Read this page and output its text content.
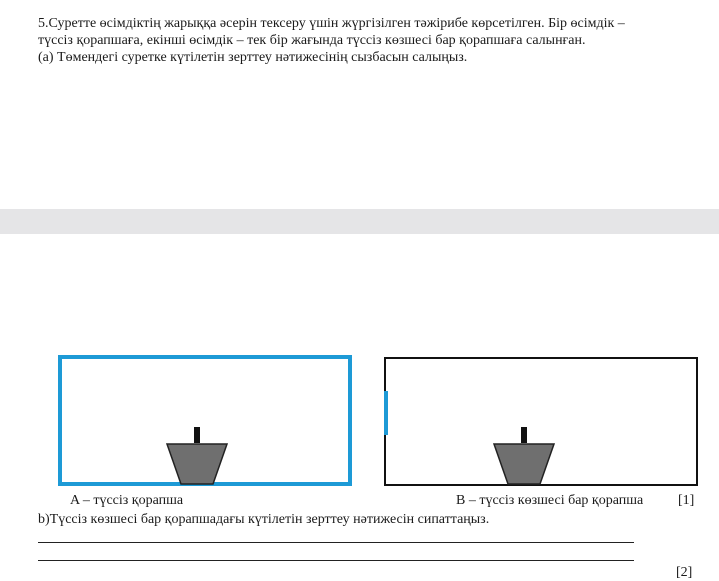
5.Суретте өсімдіктің жарыққа әсерін тексеру үшін жүргізілген тәжірибе көрсетілген. Бір өсімдік –

түссіз қорапшаға, екінші өсімдік – тек бір жағында түссіз көзшесі бар қорапшаға салынған.

(a) Төмендегі суретке күтілетін зерттеу нәтижесінің сызбасын салыңыз.

A – түссіз қорапша	B – түссіз көзшесі бар қорапша [1]
b)Түссіз көзшесі бар қорапшадағы күтілетін зерттеу нәтижесін сипаттаңыз.
[2]
